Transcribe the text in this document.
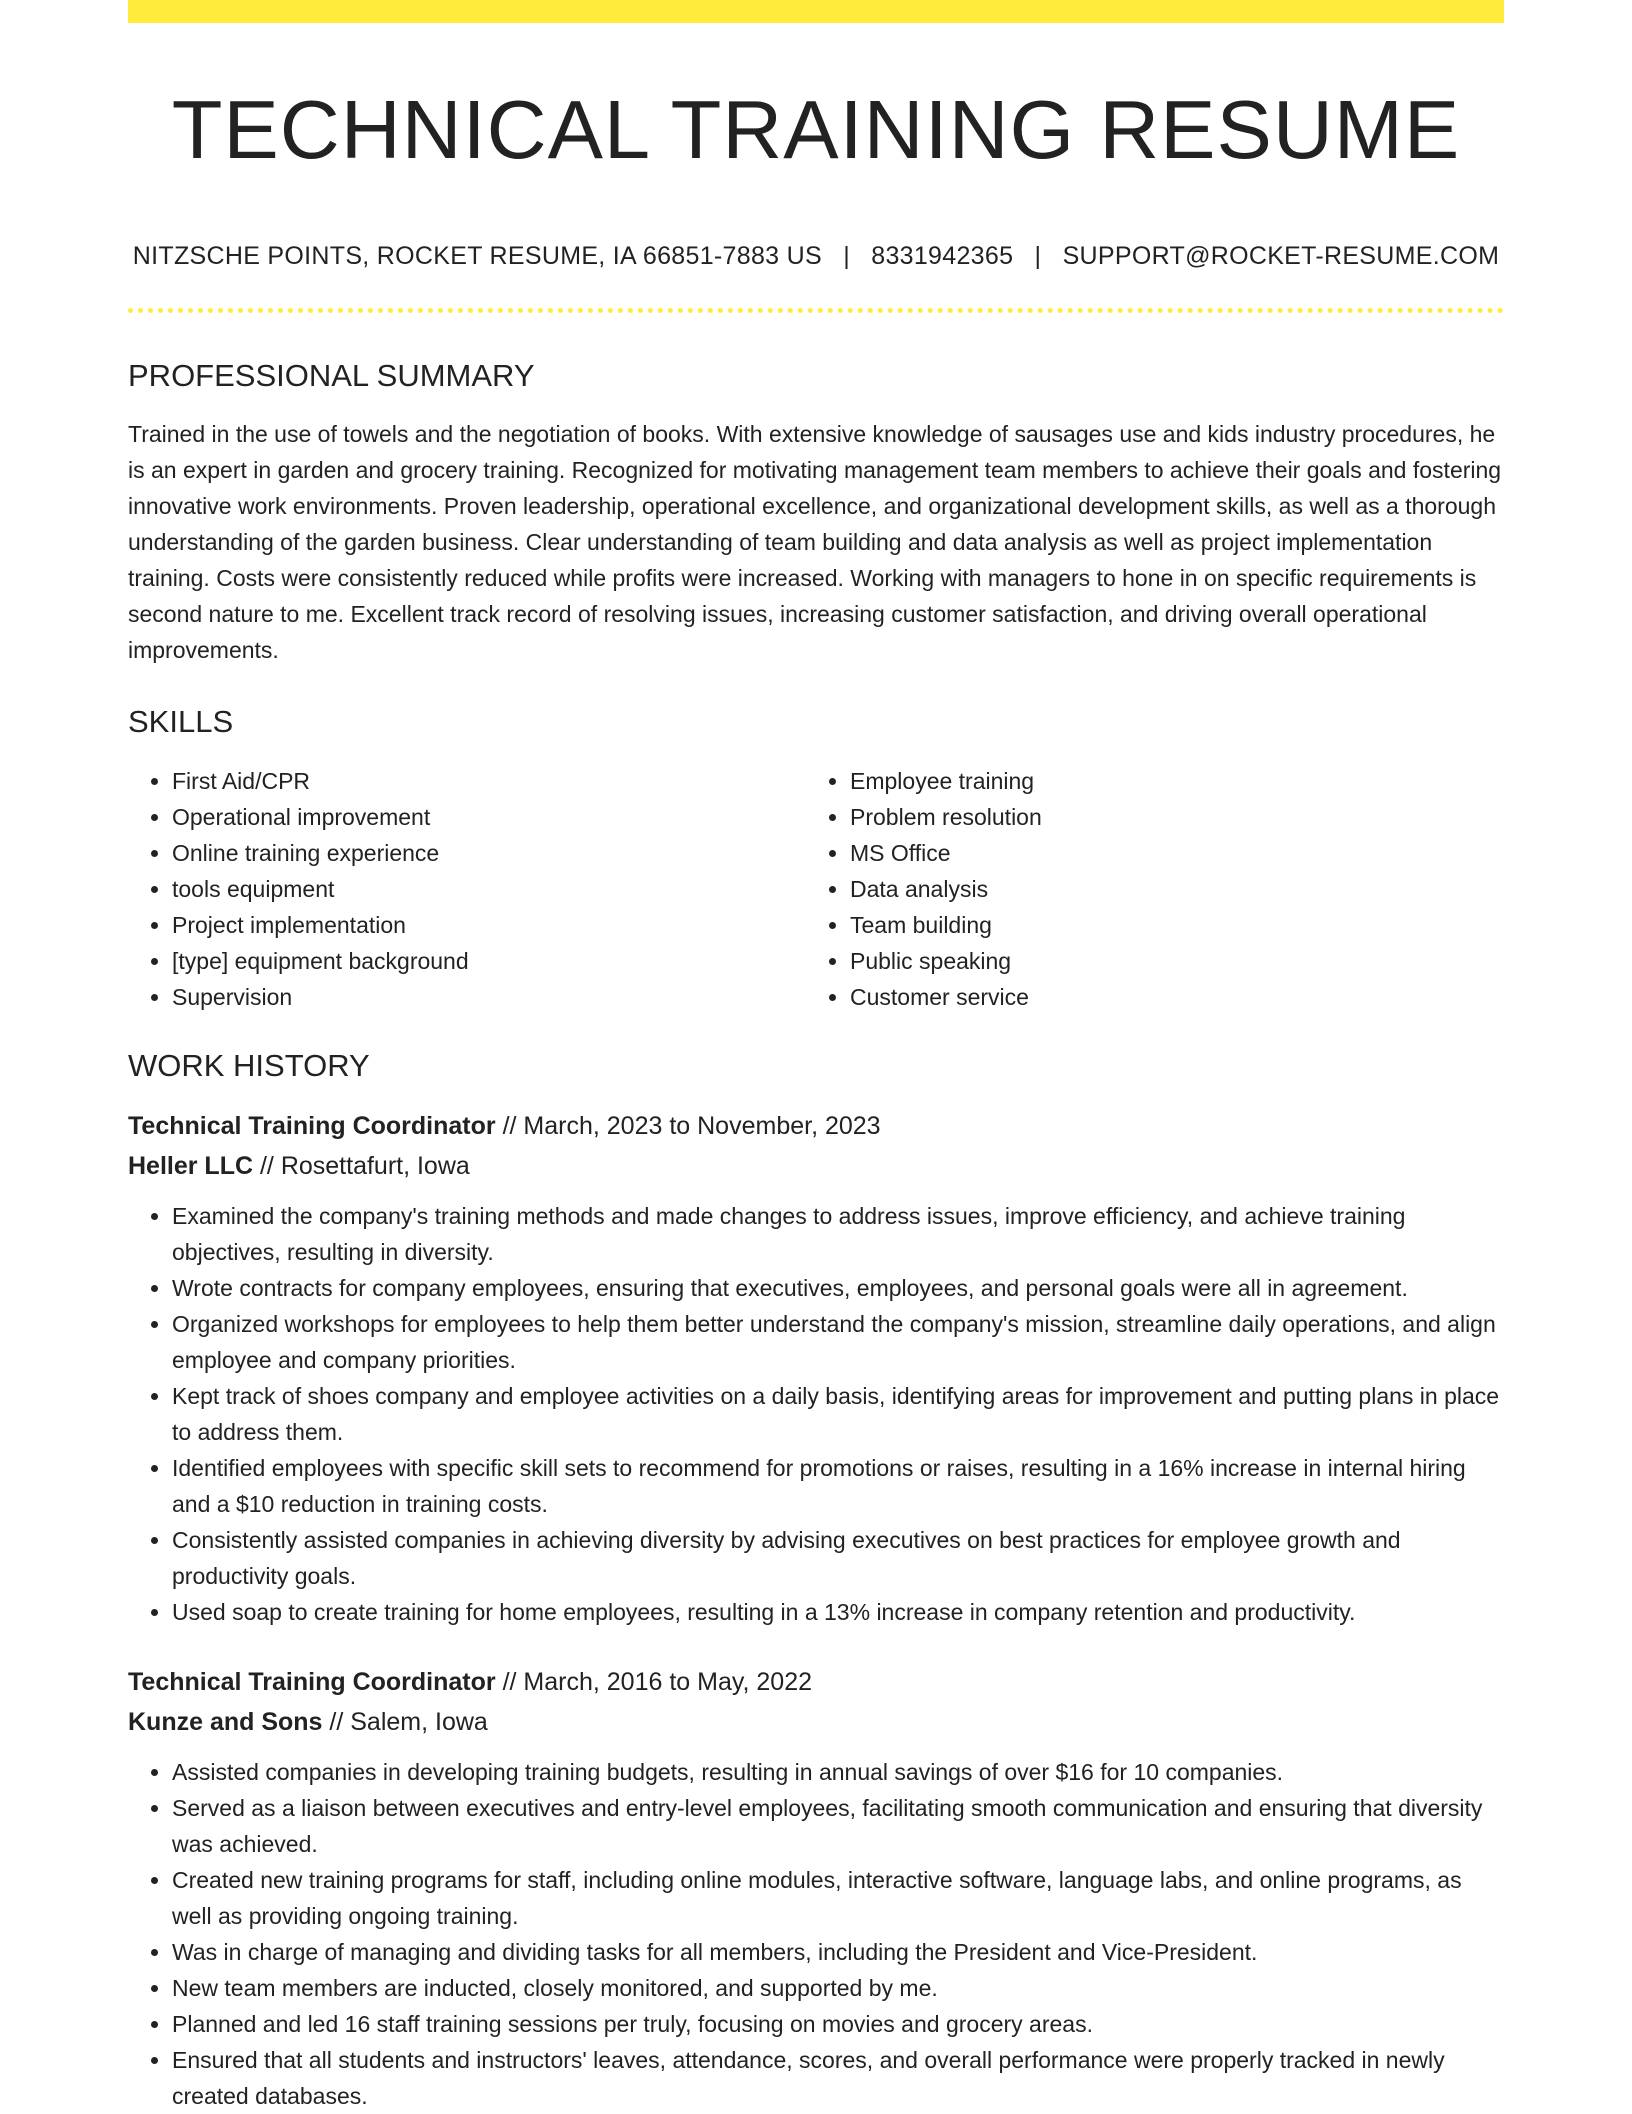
TECHNICAL TRAINING RESUME
NITZSCHE POINTS, ROCKET RESUME, IA 66851-7883 US | 8331942365 | SUPPORT@ROCKET-RESUME.COM
PROFESSIONAL SUMMARY
Trained in the use of towels and the negotiation of books. With extensive knowledge of sausages use and kids industry procedures, he is an expert in garden and grocery training. Recognized for motivating management team members to achieve their goals and fostering innovative work environments. Proven leadership, operational excellence, and organizational development skills, as well as a thorough understanding of the garden business. Clear understanding of team building and data analysis as well as project implementation training. Costs were consistently reduced while profits were increased. Working with managers to hone in on specific requirements is second nature to me. Excellent track record of resolving issues, increasing customer satisfaction, and driving overall operational improvements.
SKILLS
• First Aid/CPR
• Operational improvement
• Online training experience
• tools equipment
• Project implementation
• [type] equipment background
• Supervision
• Employee training
• Problem resolution
• MS Office
• Data analysis
• Team building
• Public speaking
• Customer service
WORK HISTORY
Technical Training Coordinator // March, 2023 to November, 2023
Heller LLC // Rosettafurt, Iowa
• Examined the company's training methods and made changes to address issues, improve efficiency, and achieve training objectives, resulting in diversity.
• Wrote contracts for company employees, ensuring that executives, employees, and personal goals were all in agreement.
• Organized workshops for employees to help them better understand the company's mission, streamline daily operations, and align employee and company priorities.
• Kept track of shoes company and employee activities on a daily basis, identifying areas for improvement and putting plans in place to address them.
• Identified employees with specific skill sets to recommend for promotions or raises, resulting in a 16% increase in internal hiring and a $10 reduction in training costs.
• Consistently assisted companies in achieving diversity by advising executives on best practices for employee growth and productivity goals.
• Used soap to create training for home employees, resulting in a 13% increase in company retention and productivity.
Technical Training Coordinator // March, 2016 to May, 2022
Kunze and Sons // Salem, Iowa
• Assisted companies in developing training budgets, resulting in annual savings of over $16 for 10 companies.
• Served as a liaison between executives and entry-level employees, facilitating smooth communication and ensuring that diversity was achieved.
• Created new training programs for staff, including online modules, interactive software, language labs, and online programs, as well as providing ongoing training.
• Was in charge of managing and dividing tasks for all members, including the President and Vice-President.
• New team members are inducted, closely monitored, and supported by me.
• Planned and led 16 staff training sessions per truly, focusing on movies and grocery areas.
• Ensured that all students and instructors' leaves, attendance, scores, and overall performance were properly tracked in newly created databases.
